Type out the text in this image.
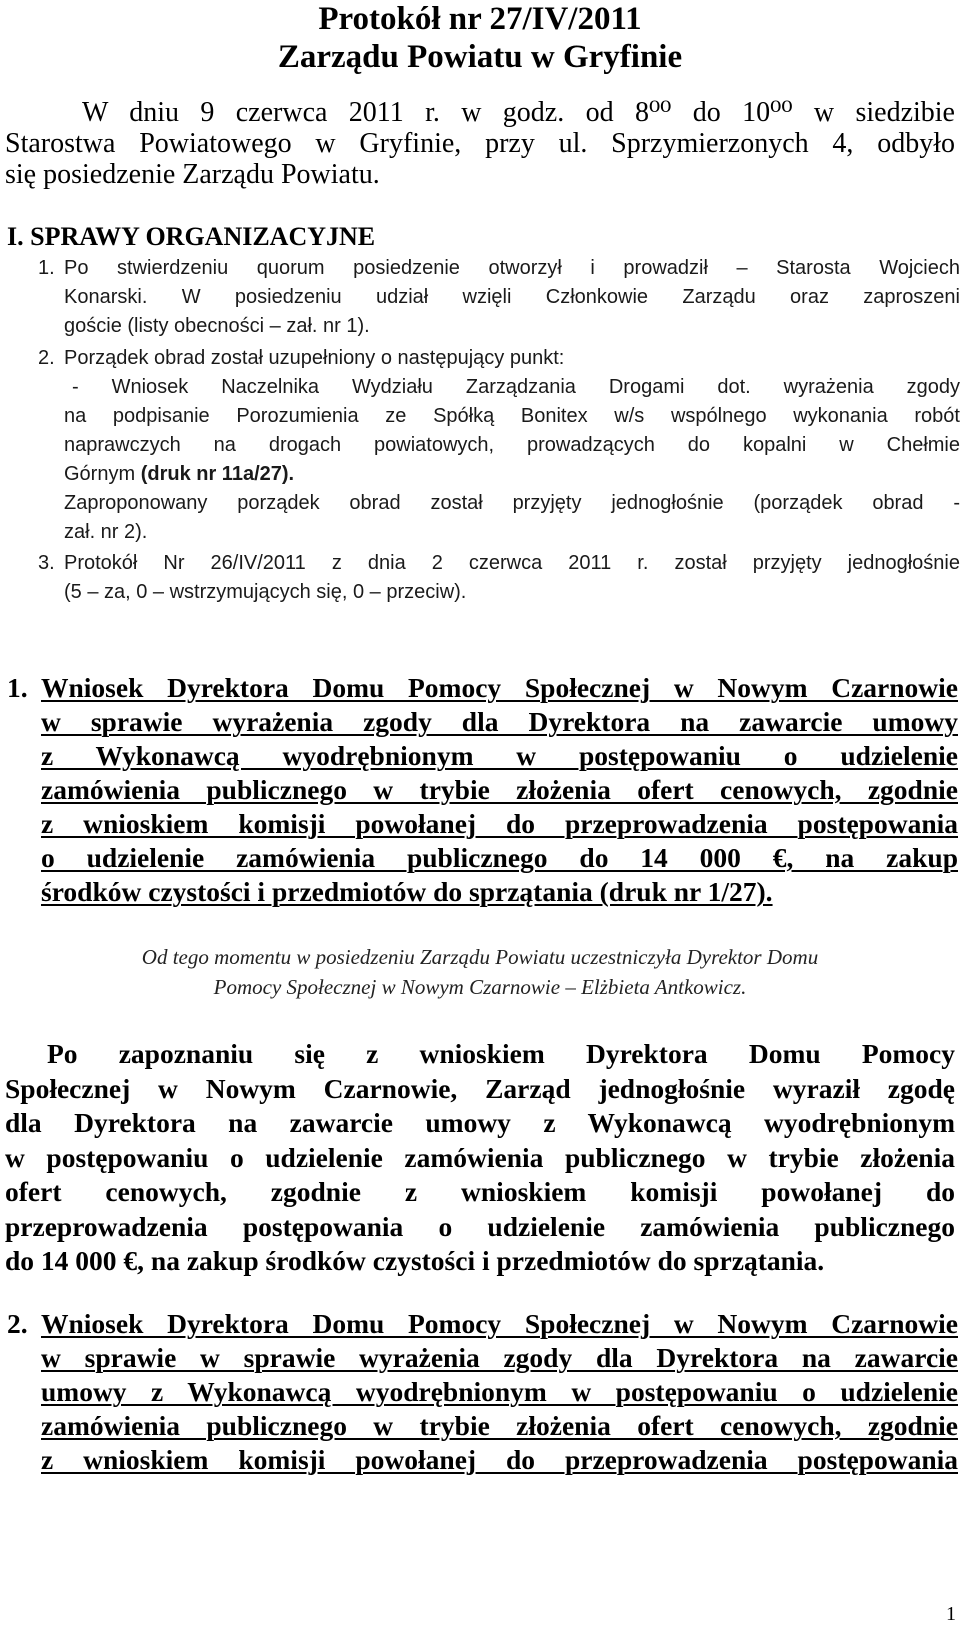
Protokół nr 27/IV/2011
Zarządu Powiatu w Gryfinie

W dniu 9 czerwca 2011 r. w godz. od 8⁰⁰ do 10⁰⁰ w siedzibie
Starostwa Powiatowego w Gryfinie, przy ul. Sprzymierzonych 4, odbyło
się posiedzenie Zarządu Powiatu.

I. SPRAWY ORGANIZACYJNE
1. Po stwierdzeniu quorum posiedzenie otworzył i prowadził – Starosta Wojciech
Konarski. W posiedzeniu udział wzięli Członkowie Zarządu oraz zaproszeni
goście (listy obecności – zał. nr 1).
2. Porządek obrad został uzupełniony o następujący punkt:
- Wniosek Naczelnika Wydziału Zarządzania Drogami dot. wyrażenia zgody
na podpisanie Porozumienia ze Spółką Bonitex w/s wspólnego wykonania robót
naprawczych na drogach powiatowych, prowadzących do kopalni w Chełmie
Górnym (druk nr 11a/27).
Zaproponowany porządek obrad został przyjęty jednogłośnie (porządek obrad -
zał. nr 2).
3. Protokół Nr 26/IV/2011 z dnia 2 czerwca 2011 r. został przyjęty jednogłośnie
(5 – za, 0 – wstrzymujących się, 0 – przeciw).
1. Wniosek Dyrektora Domu Pomocy Społecznej w Nowym Czarnowie
w sprawie wyrażenia zgody dla Dyrektora na zawarcie umowy
z Wykonawcą wyodrębnionym w postępowaniu o udzielenie
zamówienia publicznego w trybie złożenia ofert cenowych, zgodnie
z wnioskiem komisji powołanej do przeprowadzenia postępowania
o udzielenie zamówienia publicznego do 14 000 €, na zakup
środków czystości i przedmiotów do sprzątania (druk nr 1/27).

Od tego momentu w posiedzeniu Zarządu Powiatu uczestniczyła Dyrektor Domu
Pomocy Społecznej w Nowym Czarnowie – Elżbieta Antkowicz.

Po zapoznaniu się z wnioskiem Dyrektora Domu Pomocy
Społecznej w Nowym Czarnowie, Zarząd jednogłośnie wyraził zgodę
dla Dyrektora na zawarcie umowy z Wykonawcą wyodrębnionym
w postępowaniu o udzielenie zamówienia publicznego w trybie złożenia
ofert cenowych, zgodnie z wnioskiem komisji powołanej do
przeprowadzenia postępowania o udzielenie zamówienia publicznego
do 14 000 €, na zakup środków czystości i przedmiotów do sprzątania.
2. Wniosek Dyrektora Domu Pomocy Społecznej w Nowym Czarnowie
w sprawie w sprawie wyrażenia zgody dla Dyrektora na zawarcie
umowy z Wykonawcą wyodrębnionym w postępowaniu o udzielenie
zamówienia publicznego w trybie złożenia ofert cenowych, zgodnie
z wnioskiem komisji powołanej do przeprowadzenia postępowania
1
